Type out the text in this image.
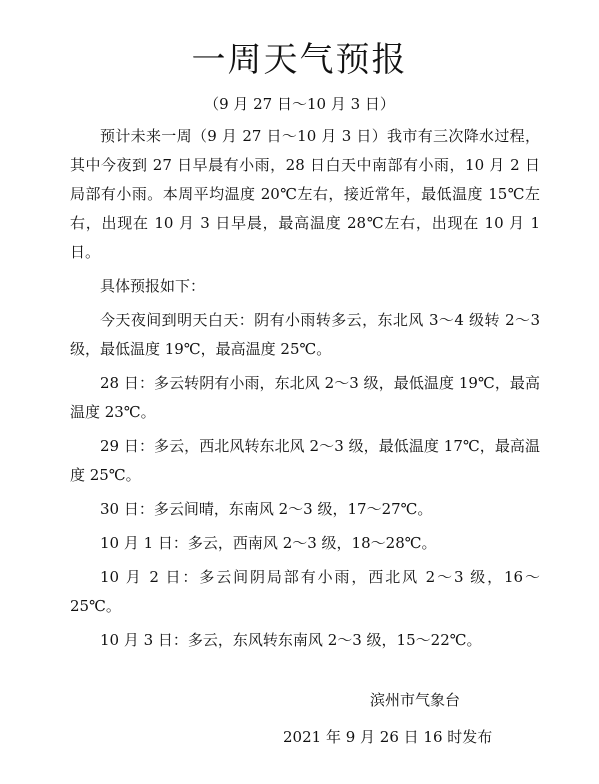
一周天气预报
（9 月 27 日～10 月 3 日）

预计未来一周（9 月 27 日～10 月 3 日）我市有三次降水过程，其中今夜到 27 日早晨有小雨，28 日白天中南部有小雨，10 月 2 日局部有小雨。本周平均温度 20℃左右，接近常年，最低温度 15℃左右，出现在 10 月 3 日早晨，最高温度 28℃左右，出现在 10 月 1 日。

具体预报如下：

今天夜间到明天白天：阴有小雨转多云，东北风 3～4 级转 2～3 级，最低温度 19℃，最高温度 25℃。

28 日：多云转阴有小雨，东北风 2～3 级，最低温度 19℃，最高温度 23℃。

29 日：多云，西北风转东北风 2～3 级，最低温度 17℃，最高温度 25℃。

30 日：多云间晴，东南风 2～3 级，17～27℃。

10 月 1 日：多云，西南风 2～3 级，18～28℃。

10 月 2 日：多云间阴局部有小雨，西北风 2～3 级，16～25℃。

10 月 3 日：多云，东风转东南风 2～3 级，15～22℃。

滨州市气象台
2021 年 9 月 26 日 16 时发布
